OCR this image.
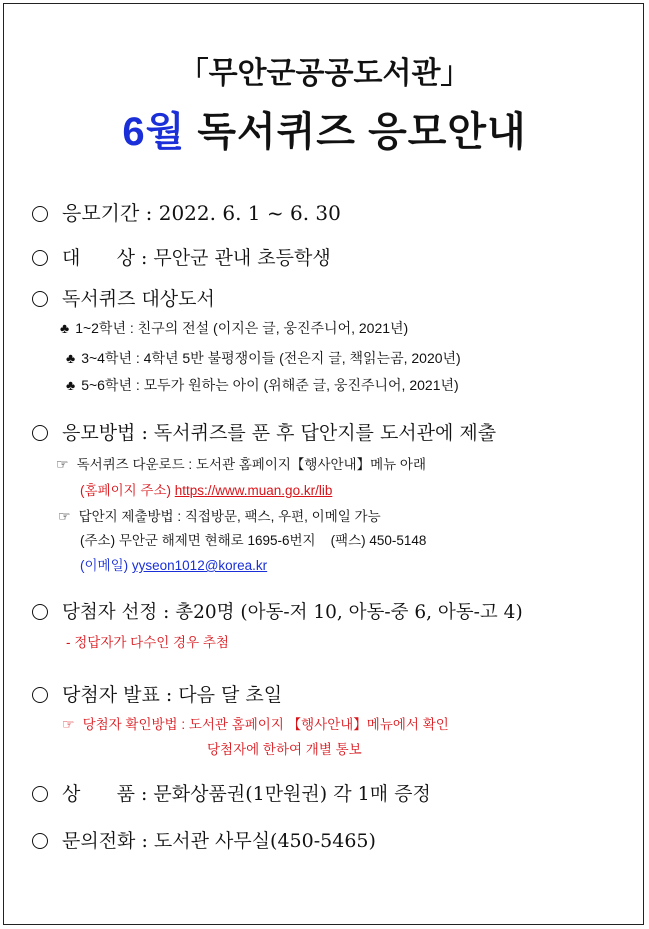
「무안군공공도서관」
6월 독서퀴즈 응모안내
응모기간 : 2022. 6. 1 ~ 6. 30
대      상 : 무안군 관내 초등학생
독서퀴즈 대상도서
♣ 1~2학년 : 친구의 전설 (이지은 글, 웅진주니어, 2021년)
♣ 3~4학년 : 4학년 5반 불평쟁이들 (전은지 글, 책읽는곰, 2020년)
♣ 5~6학년 : 모두가 원하는 아이 (위해준 글, 웅진주니어, 2021년)
응모방법 : 독서퀴즈를 푼 후 답안지를 도서관에 제출
☞ 독서퀴즈 다운로드 : 도서관 홈페이지【행사안내】메뉴 아래
(홈페이지 주소) https://www.muan.go.kr/lib
☞ 답안지 제출방법 : 직접방문, 팩스, 우편, 이메일 가능
(주소) 무안군 해제면 현해로 1695-6번지    (팩스) 450-5148
(이메일) yyseon1012@korea.kr
당첨자 선정 : 총20명 (아동-저 10, 아동-중 6, 아동-고 4)
- 정답자가 다수인 경우 추첨
당첨자 발표 : 다음 달 초일
☞ 당첨자 확인방법 : 도서관 홈페이지 【행사안내】메뉴에서 확인
당첨자에 한하여 개별 통보
상      품 : 문화상품권(1만원권) 각 1매 증정
문의전화 : 도서관 사무실(450-5465)
